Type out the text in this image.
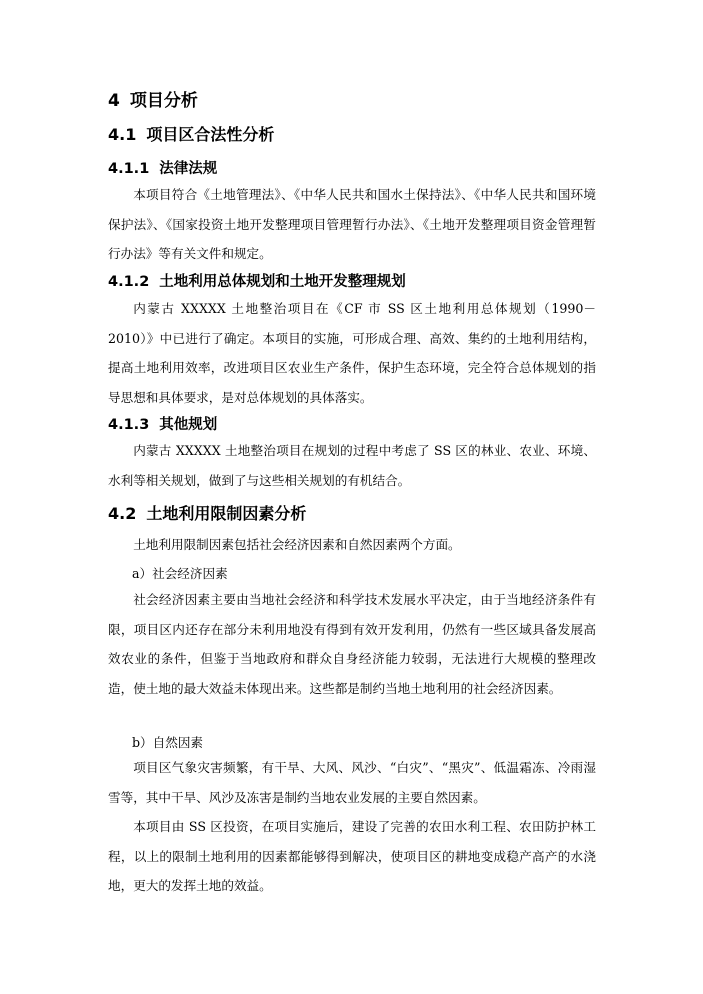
4 项目分析
4.1 项目区合法性分析
4.1.1 法律法规

本项目符合《土地管理法》、《中华人民共和国水土保持法》、《中华人民共和国环境保护法》、《国家投资土地开发整理项目管理暂行办法》、《土地开发整理项目资金管理暂行办法》等有关文件和规定。

4.1.2 土地利用总体规划和土地开发整理规划

内蒙古 XXXXX 土地整治项目在《CF 市 SS 区土地利用总体规划（1990－2010）》中已进行了确定。本项目的实施，可形成合理、高效、集约的土地利用结构，提高土地利用效率，改进项目区农业生产条件，保护生态环境，完全符合总体规划的指导思想和具体要求，是对总体规划的具体落实。

4.1.3 其他规划

内蒙古 XXXXX 土地整治项目在规划的过程中考虑了 SS 区的林业、农业、环境、水利等相关规划，做到了与这些相关规划的有机结合。

4.2 土地利用限制因素分析

土地利用限制因素包括社会经济因素和自然因素两个方面。

a）社会经济因素

社会经济因素主要由当地社会经济和科学技术发展水平决定，由于当地经济条件有限，项目区内还存在部分未利用地没有得到有效开发利用，仍然有一些区域具备发展高效农业的条件，但鉴于当地政府和群众自身经济能力较弱，无法进行大规模的整理改造，使土地的最大效益未体现出来。这些都是制约当地土地利用的社会经济因素。

b）自然因素

项目区气象灾害频繁，有干旱、大风、风沙、“白灾”、“黑灾”、低温霜冻、冷雨湿雪等，其中干旱、风沙及冻害是制约当地农业发展的主要自然因素。

本项目由 SS 区投资，在项目实施后，建设了完善的农田水利工程、农田防护林工程，以上的限制土地利用的因素都能够得到解决，使项目区的耕地变成稳产高产的水浇地，更大的发挥土地的效益。
